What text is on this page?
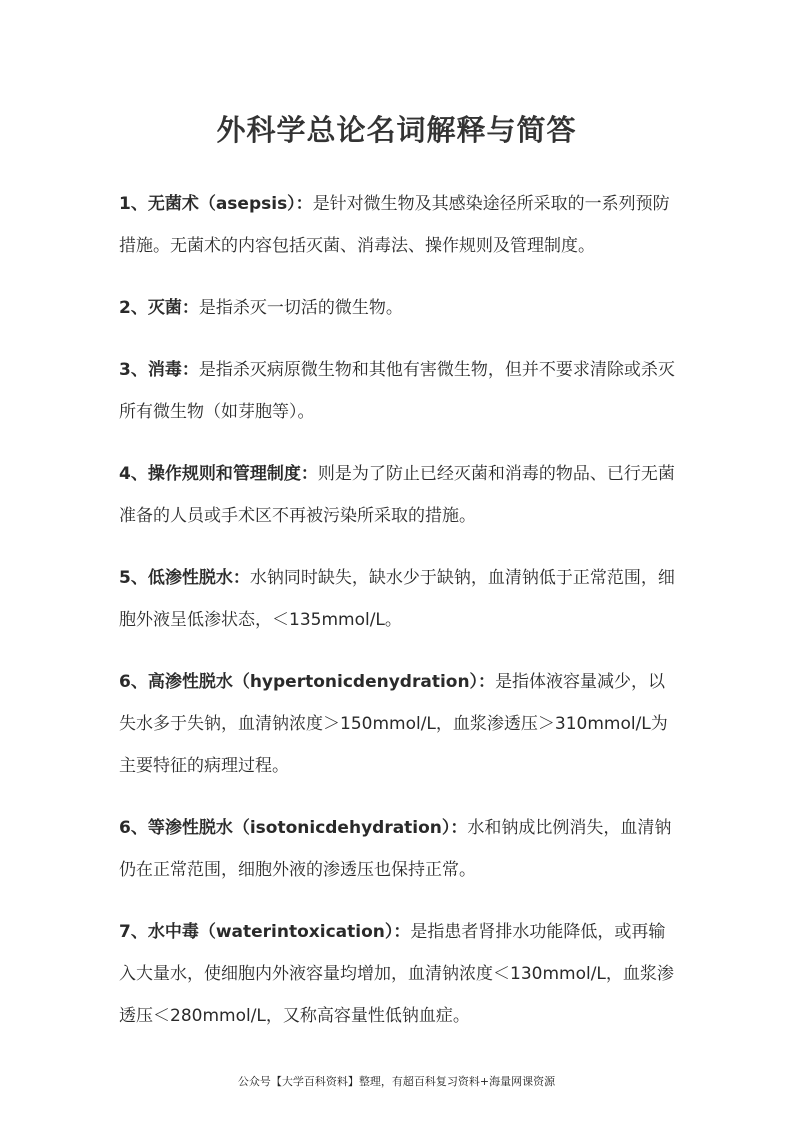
外科学总论名词解释与简答

1、无菌术（asepsis）：是针对微生物及其感染途径所采取的一系列预防措施。无菌术的内容包括灭菌、消毒法、操作规则及管理制度。

2、灭菌：是指杀灭一切活的微生物。

3、消毒：是指杀灭病原微生物和其他有害微生物，但并不要求清除或杀灭所有微生物（如芽胞等）。

4、操作规则和管理制度：则是为了防止已经灭菌和消毒的物品、已行无菌准备的人员或手术区不再被污染所采取的措施。

5、低渗性脱水：水钠同时缺失，缺水少于缺钠，血清钠低于正常范围，细胞外液呈低渗状态，＜135mmol/L。

6、高渗性脱水（hypertonicdenydration）：是指体液容量减少，以失水多于失钠，血清钠浓度＞150mmol/L，血浆渗透压＞310mmol/L为主要特征的病理过程。

6、等渗性脱水（isotonicdehydration）：水和钠成比例消失，血清钠仍在正常范围，细胞外液的渗透压也保持正常。

7、水中毒（waterintoxication）：是指患者肾排水功能降低，或再输入大量水，使细胞内外液容量均增加，血清钠浓度＜130mmol/L，血浆渗透压＜280mmol/L，又称高容量性低钠血症。

公众号【大学百科资料】整理，有超百科复习资料+海量网课资源
